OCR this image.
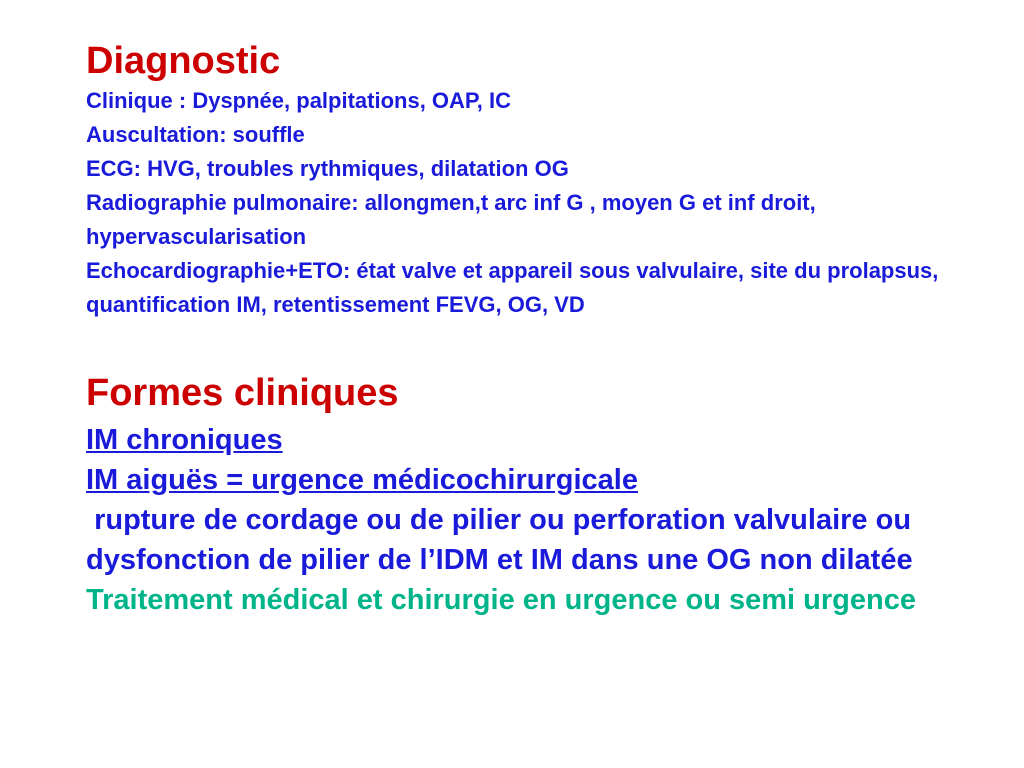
Diagnostic

Clinique : Dyspnée, palpitations, OAP, IC

Auscultation: souffle

ECG: HVG, troubles rythmiques, dilatation OG

Radiographie pulmonaire: allongmen,t arc inf G , moyen G et inf droit, hypervascularisation

Echocardiographie+ETO: état valve et appareil sous valvulaire, site du prolapsus, quantification IM, retentissement FEVG, OG, VD

Formes cliniques

IM chroniques

IM aiguës = urgence médicochirurgicale

rupture de cordage ou de pilier ou perforation valvulaire ou dysfonction de pilier de l’IDM et IM dans une OG non dilatée

Traitement médical et chirurgie en urgence ou semi urgence
